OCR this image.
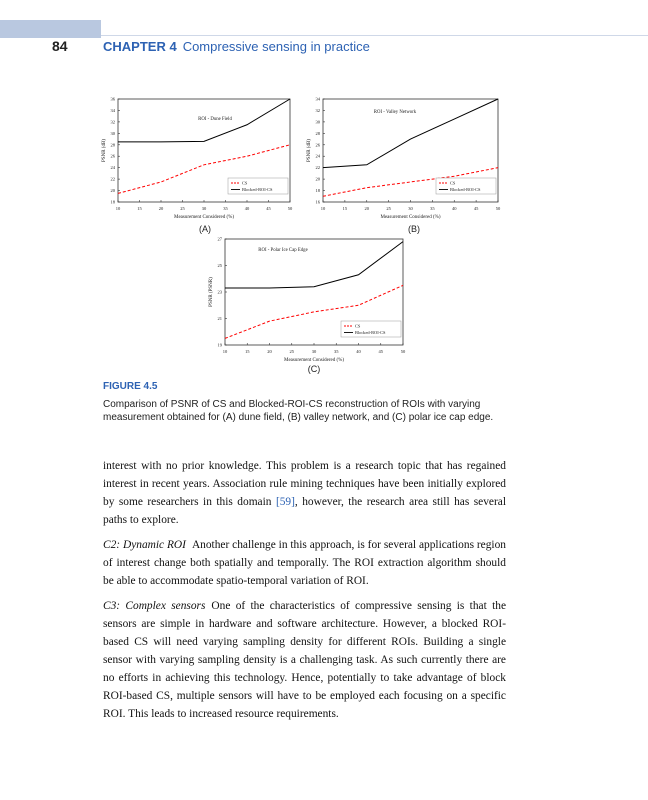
84	CHAPTER 4 Compressive sensing in practice
10	15	20	25	30	35	40	45	50
18
20
22
24
26
28
30
32
34
36
Measurement Considered (%)
PSNR (dB)
ROI - Dune Field
CS
Blocked-ROI-CS
(A)
10	15	20	25	30	35	40	45	50
16
18
20
22
24
26
28
30
32
34
Measurement Considered (%)
PSNR (dB)
ROI - Valley Network
CS
Blocked-ROI-CS
(B)
10	15	20	25	30	35	40	45	50
19
21
23
25
27
Measurement Considered (%)
PSNR (PSNR)
ROI - Polar Ice Cap Edge
CS
Blocked-ROI-CS
(C)
FIGURE 4.5
Comparison of PSNR of CS and Blocked-ROI-CS reconstruction of ROIs with varying measurement obtained for (A) dune field, (B) valley network, and (C) polar ice cap edge.

interest with no prior knowledge. This problem is a research topic that has regained interest in recent years. Association rule mining techniques have been initially explored by some researchers in this domain [59], however, the research area still has several paths to explore.

C2: Dynamic ROI Another challenge in this approach, is for several applications region of interest change both spatially and temporally. The ROI extraction algorithm should be able to accommodate spatio-temporal variation of ROI.

C3: Complex sensors One of the characteristics of compressive sensing is that the sensors are simple in hardware and software architecture. However, a blocked ROI-based CS will need varying sampling density for different ROIs. Building a single sensor with varying sampling density is a challenging task. As such currently there are no efforts in achieving this technology. Hence, potentially to take advantage of block ROI-based CS, multiple sensors will have to be employed each focusing on a specific ROI. This leads to increased resource requirements.
